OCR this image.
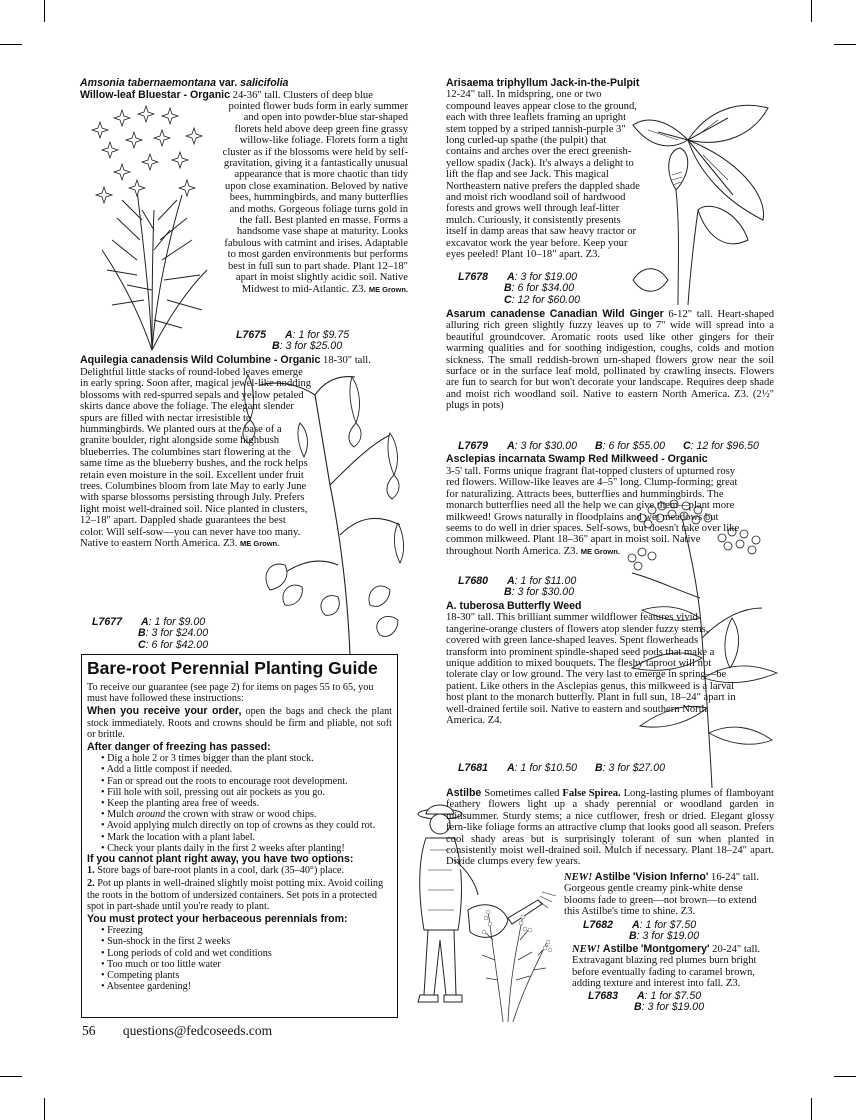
Amsonia tabernaemontana var. salicifolia
Willow-leaf Bluestar - Organic 24-36" tall. Clusters of deep blue
pointed flower buds form in early summer and open into powder-blue star-shaped florets held above deep green fine grassy willow-like foliage. Florets form a tight cluster as if the blossoms were held by self-gravitation, giving it a fantastically unusual appearance that is more chaotic than tidy upon close examination. Beloved by native bees, hummingbirds, and many butterflies and moths. Gorgeous foliage turns gold in the fall. Best planted en masse. Forms a handsome vase shape at maturity. Looks fabulous with catmint and irises. Adaptable to most garden environments but performs best in full sun to part shade. Plant 12–18" apart in moist slightly acidic soil. Native Midwest to mid-Atlantic. Z3. ME Grown.
L7675 A: 1 for $9.75
B: 3 for $25.00
Aquilegia canadensis Wild Columbine - Organic 18-30" tall.
Delightful little stacks of round-lobed leaves emerge in early spring. Soon after, magical jewel-like nodding blossoms with red-spurred sepals and yellow petaled skirts dance above the foliage. The elegant slender spurs are filled with nectar irresistible to hummingbirds. We planted ours at the base of a granite boulder, right alongside some highbush blueberries. The columbines start flowering at the same time as the blueberry bushes, and the rock helps retain even moisture in the soil. Excellent under fruit trees. Columbines bloom from late May to early June with sparse blossoms persisting through July. Prefers light moist well-drained soil. Nice planted in clusters, 12–18" apart. Dappled shade guarantees the best color. Will self-sow—you can never have too many. Native to eastern North America. Z3. ME Grown.
L7677 A: 1 for $9.00
B: 3 for $24.00
C: 6 for $42.00
Bare-root Perennial Planting Guide

To receive our guarantee (see page 2) for items on pages 55 to 65, you must have followed these instructions:

When you receive your order, open the bags and check the plant stock immediately. Roots and crowns should be firm and pliable, not soft or brittle.

After danger of freezing has passed:
• Dig a hole 2 or 3 times bigger than the plant stock.
• Add a little compost if needed.
• Fan or spread out the roots to encourage root development.
• Fill hole with soil, pressing out air pockets as you go.
• Keep the planting area free of weeds.
• Mulch around the crown with straw or wood chips.
• Avoid applying mulch directly on top of crowns as they could rot.
• Mark the location with a plant label.
• Check your plants daily in the first 2 weeks after planting!
If you cannot plant right away, you have two options:

1. Store bags of bare-root plants in a cool, dark (35–40°) place.

2. Pot up plants in well-drained slightly moist potting mix. Avoid coiling the roots in the bottom of undersized containers. Set pots in a protected spot in part-shade until you're ready to plant.

You must protect your herbaceous perennials from:
• Freezing
• Sun-shock in the first 2 weeks
• Long periods of cold and wet conditions
• Too much or too little water
• Competing plants
• Absentee gardening!
56 questions@fedcoseeds.com
Arisaema triphyllum Jack-in-the-Pulpit
12-24" tall. In midspring, one or two compound leaves appear close to the ground, each with three leaflets framing an upright stem topped by a striped tannish-purple 3" long curled-up spathe (the pulpit) that contains and arches over the erect greenish-yellow spadix (Jack). It's always a delight to lift the flap and see Jack. This magical Northeastern native prefers the dappled shade and moist rich woodland soil of hardwood forests and grows well through leaf-litter mulch. Curiously, it consistently presents itself in damp areas that saw heavy tractor or excavator work the year before. Keep your eyes peeled! Plant 10–18" apart. Z3.
L7678 A: 3 for $19.00
B: 6 for $34.00
C: 12 for $60.00
Asarum canadense Canadian Wild Ginger 6-12" tall. Heart-shaped alluring rich green slightly fuzzy leaves up to 7" wide will spread into a beautiful groundcover. Aromatic roots used like other gingers for their warming qualities and for soothing indigestion, coughs, colds and motion sickness. The small reddish-brown urn-shaped flowers grow near the soil surface or in the surface leaf mold, pollinated by crawling insects. Flowers are fun to search for but won't decorate your landscape. Requires deep shade and moist rich woodland soil. Native to eastern North America. Z3. (2½" plugs in pots)
L7679 A: 3 for $30.00 B: 6 for $55.00 C: 12 for $96.50
Asclepias incarnata Swamp Red Milkweed - Organic
3-5' tall. Forms unique fragrant flat-topped clusters of upturned rosy red flowers. Willow-like leaves are 4–5" long. Clump-forming; great for naturalizing. Attracts bees, butterflies and hummingbirds. The monarch butterflies need all the help we can give them—plant more milkweed! Grows naturally in floodplains and wet meadows but seems to do well in drier spaces. Self-sows, but doesn't take over like common milkweed. Plant 18–36" apart in moist soil. Native throughout North America. Z3. ME Grown.
L7680 A: 1 for $11.00
B: 3 for $30.00
A. tuberosa Butterfly Weed
18-30" tall. This brilliant summer wildflower features vivid tangerine-orange clusters of flowers atop slender fuzzy stems, covered with green lance-shaped leaves. Spent flowerheads transform into prominent spindle-shaped seed pods that make a unique addition to mixed bouquets. The fleshy taproot will not tolerate clay or low ground. The very last to emerge in spring—be patient. Like others in the Asclepias genus, this milkweed is a larval host plant to the monarch butterfly. Plant in full sun, 18–24" apart in well-drained fertile soil. Native to eastern and southern North America. Z4.
L7681 A: 1 for $10.50 B: 3 for $27.00
Astilbe Sometimes called False Spirea. Long-lasting plumes of flamboyant feathery flowers light up a shady perennial or woodland garden in midsummer. Sturdy stems; a nice cutflower, fresh or dried. Elegant glossy fern-like foliage forms an attractive clump that looks good all season. Prefers cool shady areas but is surprisingly tolerant of sun when planted in consistently moist well-drained soil. Mulch if necessary. Plant 18–24" apart. Divide clumps every few years.
NEW! Astilbe 'Vision Inferno' 16-24" tall. Gorgeous gentle creamy pink-white dense blooms fade to green—not brown—to extend this Astilbe's time to shine. Z3.
L7682 A: 1 for $7.50
B: 3 for $19.00
NEW! Astilbe 'Montgomery' 20-24" tall. Extravagant blazing red plumes burn bright before eventually fading to caramel brown, adding texture and interest into fall. Z3.
L7683 A: 1 for $7.50
B: 3 for $19.00
